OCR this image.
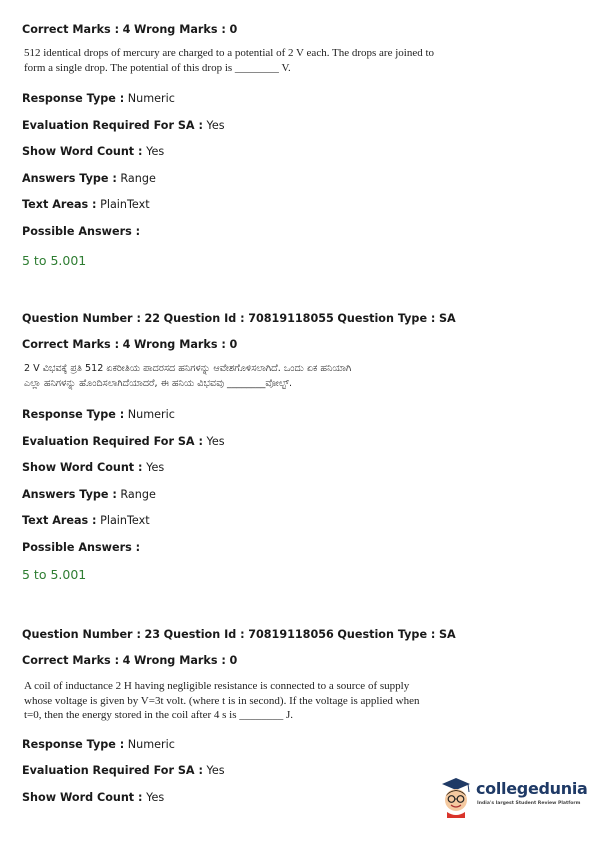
Correct Marks : 4 Wrong Marks : 0
512 identical drops of mercury are charged to a potential of 2 V each. The drops are joined to
form a single drop. The potential of this drop is ________ V.
Response Type : Numeric
Evaluation Required For SA : Yes
Show Word Count : Yes
Answers Type : Range
Text Areas : PlainText
Possible Answers :
5 to 5.001
Question Number : 22 Question Id : 70819118055 Question Type : SA
Correct Marks : 4 Wrong Marks : 0
2 V ವಿಭವಕ್ಕೆ ಪ್ರತಿ 512 ಏಕರೀತಿಯ ಪಾದರಸದ ಹನಿಗಳನ್ನು ಆವೇಶಗೊಳಿಸಲಾಗಿದೆ. ಒಂದು ಏಕ ಹನಿಯಾಗಿ
ಎಲ್ಲಾ ಹನಿಗಳನ್ನು ಹೊಂದಿಸಲಾಗಿದೆಯಾದರೆ, ಈ ಹನಿಯ ವಿಭವವು ________ವೋಲ್ಟ್.
Response Type : Numeric
Evaluation Required For SA : Yes
Show Word Count : Yes
Answers Type : Range
Text Areas : PlainText
Possible Answers :
5 to 5.001
Question Number : 23 Question Id : 70819118056 Question Type : SA
Correct Marks : 4 Wrong Marks : 0
A coil of inductance 2 H having negligible resistance is connected to a source of supply
whose voltage is given by V=3t volt. (where t is in second). If the voltage is applied when
t=0, then the energy stored in the coil after 4 s is ________ J.
Response Type : Numeric
Evaluation Required For SA : Yes
Show Word Count : Yes	collegedunia
India's largest Student Review Platform
